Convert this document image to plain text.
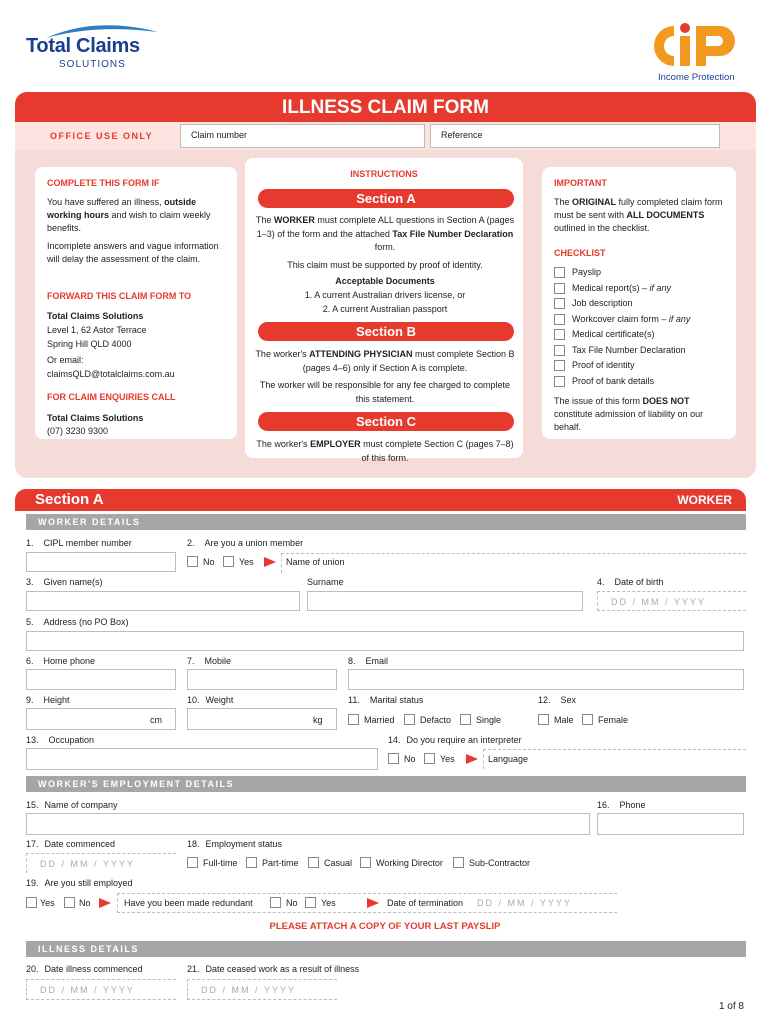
Total Claims
SOLUTIONS
Income Protection
ILLNESS CLAIM FORM
OFFICE USE ONLY	Claim number	Reference
COMPLETE THIS FORM IF
You have suffered an illness, outside working hours and wish to claim weekly benefits.
Incomplete answers and vague information will delay the assessment of the claim.
FORWARD THIS CLAIM FORM TO
Total Claims Solutions
Level 1, 62 Astor Terrace
Spring Hill QLD 4000
Or email:
claimsQLD@totalclaims.com.au
FOR CLAIM ENQUIRIES CALL
Total Claims Solutions
(07) 3230 9300
INSTRUCTIONS
Section A
The WORKER must complete ALL questions in Section A (pages 1–3) of the form and the attached Tax File Number Declaration form.
This claim must be supported by proof of identity.
Acceptable Documents
1. A current Australian drivers license, or
2. A current Australian passport
Section B
The worker's ATTENDING PHYSICIAN must complete Section B (pages 4–6) only if Section A is complete.
The worker will be responsible for any fee charged to complete this statement.
Section C
The worker's EMPLOYER must complete Section C (pages 7–8) of this form.
IMPORTANT
The ORIGINAL fully completed claim form must be sent with ALL DOCUMENTS outlined in the checklist.
CHECKLIST
Payslip
Medical report(s) – if any
Job description
Workcover claim form – if any
Medical certificate(s)
Tax File Number Declaration
Proof of identity
Proof of bank details
The issue of this form DOES NOT constitute admission of liability on our behalf.
Section A	WORKER
WORKER DETAILS
1. CIPL member number	2. Are you a union member
No	Yes	Name of union
3. Given name(s)	Surname	4. Date of birth
DD / MM / YYYY
5. Address (no PO Box)
6. Home phone	7. Mobile	8. Email
9. Height	10. Weight	11. Marital status	12. Sex
cm	kg	Married	Defacto	Single	Male	Female
13. Occupation	14. Do you require an interpreter
No	Yes	Language
WORKER'S EMPLOYMENT DETAILS
15. Name of company	16. Phone
17. Date commenced	18. Employment status
DD / MM / YYYY	Full-time	Part-time	Casual	Working Director	Sub-Contractor
19. Are you still employed
Yes	No	Have you been made redundant	No	Yes	Date of termination DD / MM / YYYY
PLEASE ATTACH A COPY OF YOUR LAST PAYSLIP
ILLNESS DETAILS
20. Date illness commenced	21. Date ceased work as a result of illness
DD / MM / YYYY	DD / MM / YYYY
1 of 8
